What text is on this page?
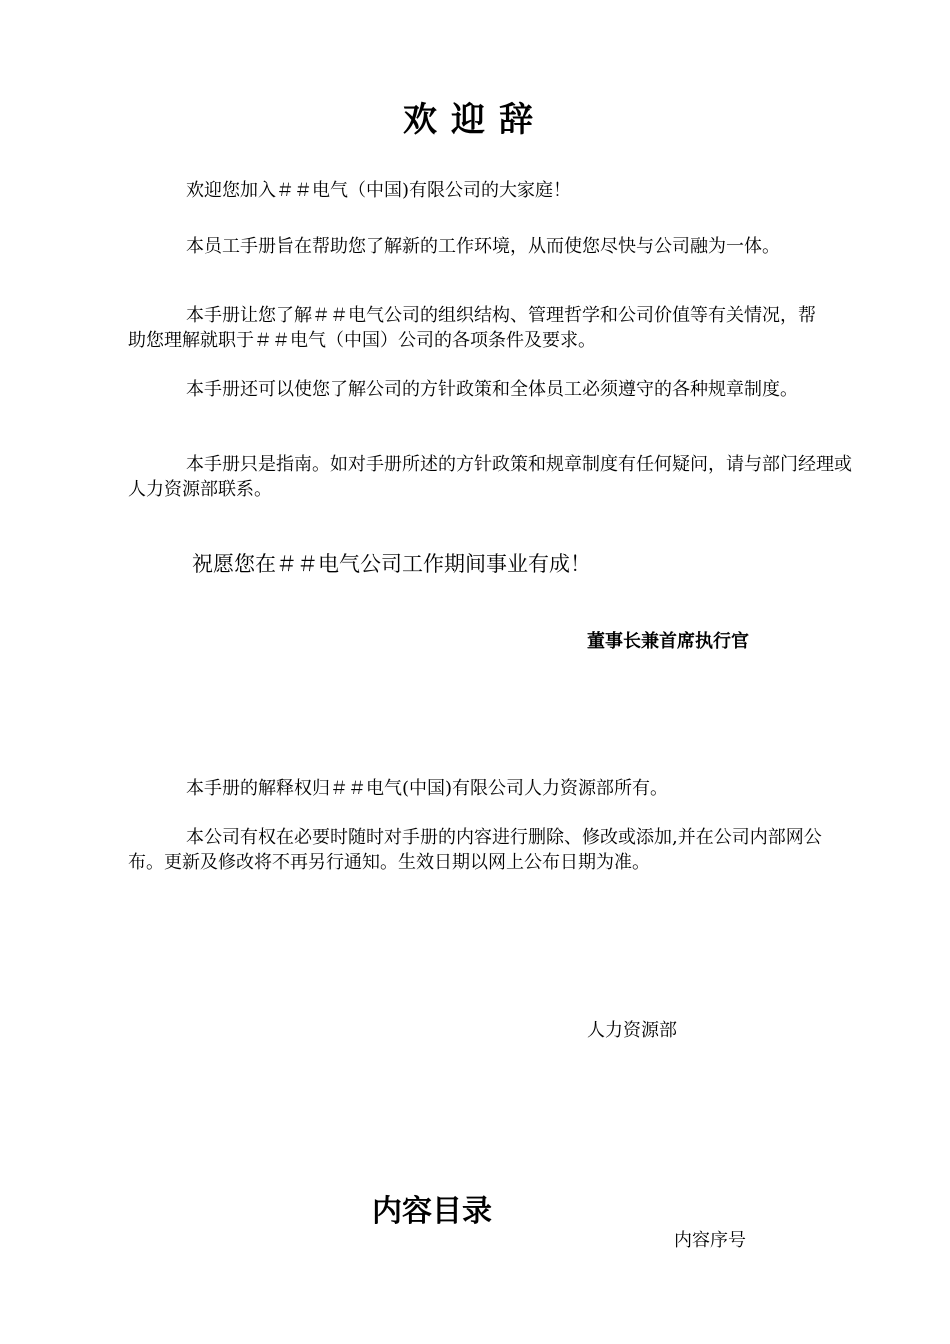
欢迎辞

欢迎您加入＃＃电气（中国)有限公司的大家庭！

本员工手册旨在帮助您了解新的工作环境，从而使您尽快与公司融为一体。

本手册让您了解＃＃电气公司的组织结构、管理哲学和公司价值等有关情况，帮助您理解就职于＃＃电气（中国）公司的各项条件及要求。

本手册还可以使您了解公司的方针政策和全体员工必须遵守的各种规章制度。

本手册只是指南。如对手册所述的方针政策和规章制度有任何疑问，请与部门经理或人力资源部联系。

祝愿您在＃＃电气公司工作期间事业有成！

董事长兼首席执行官

本手册的解释权归＃＃电气(中国)有限公司人力资源部所有。

本公司有权在必要时随时对手册的内容进行删除、修改或添加,并在公司内部网公布。更新及修改将不再另行通知。生效日期以网上公布日期为准。

人力资源部

内容目录

内容序号
